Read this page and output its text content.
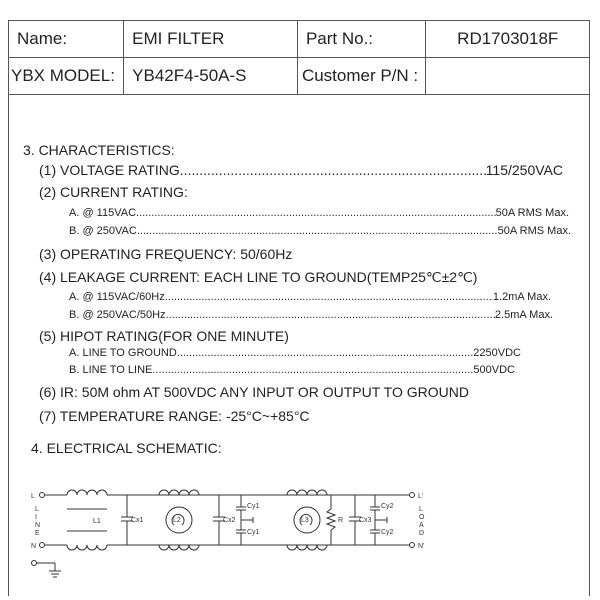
Name:	EMI FILTER	Part No.:	RD1703018F
YBX MODEL:	YB42F4-50A-S	Customer P/N :	
3. CHARACTERISTICS:
(1) VOLTAGE RATING .....	115/250VAC
(2) CURRENT RATING:
A. @ 115VAC .....	50A RMS Max.
B. @ 250VAC .....	50A RMS Max.
(3) OPERATING FREQUENCY: 50/60Hz
(4) LEAKAGE CURRENT: EACH LINE TO GROUND(TEMP25℃±2℃)
A. @ 115VAC/60Hz .....	1.2mA Max.
B. @ 250VAC/50Hz .....	2.5mA Max.
(5) HIPOT RATING(FOR ONE MINUTE)
A. LINE TO GROUND .....	2250VDC
B. LINE TO LINE .....	500VDC
(6) IR: 50M ohm AT 500VDC ANY INPUT OR OUTPUT TO GROUND
(7) TEMPERATURE RANGE: -25°C~+85°C
4. ELECTRICAL SCHEMATIC:
L
N
L'
N'
L
I
N
E
L
O
A
D
L1	L2	L3
Cx1	Cx2	Cx3
Cy1
Cy1
Cy2
Cy2
R
